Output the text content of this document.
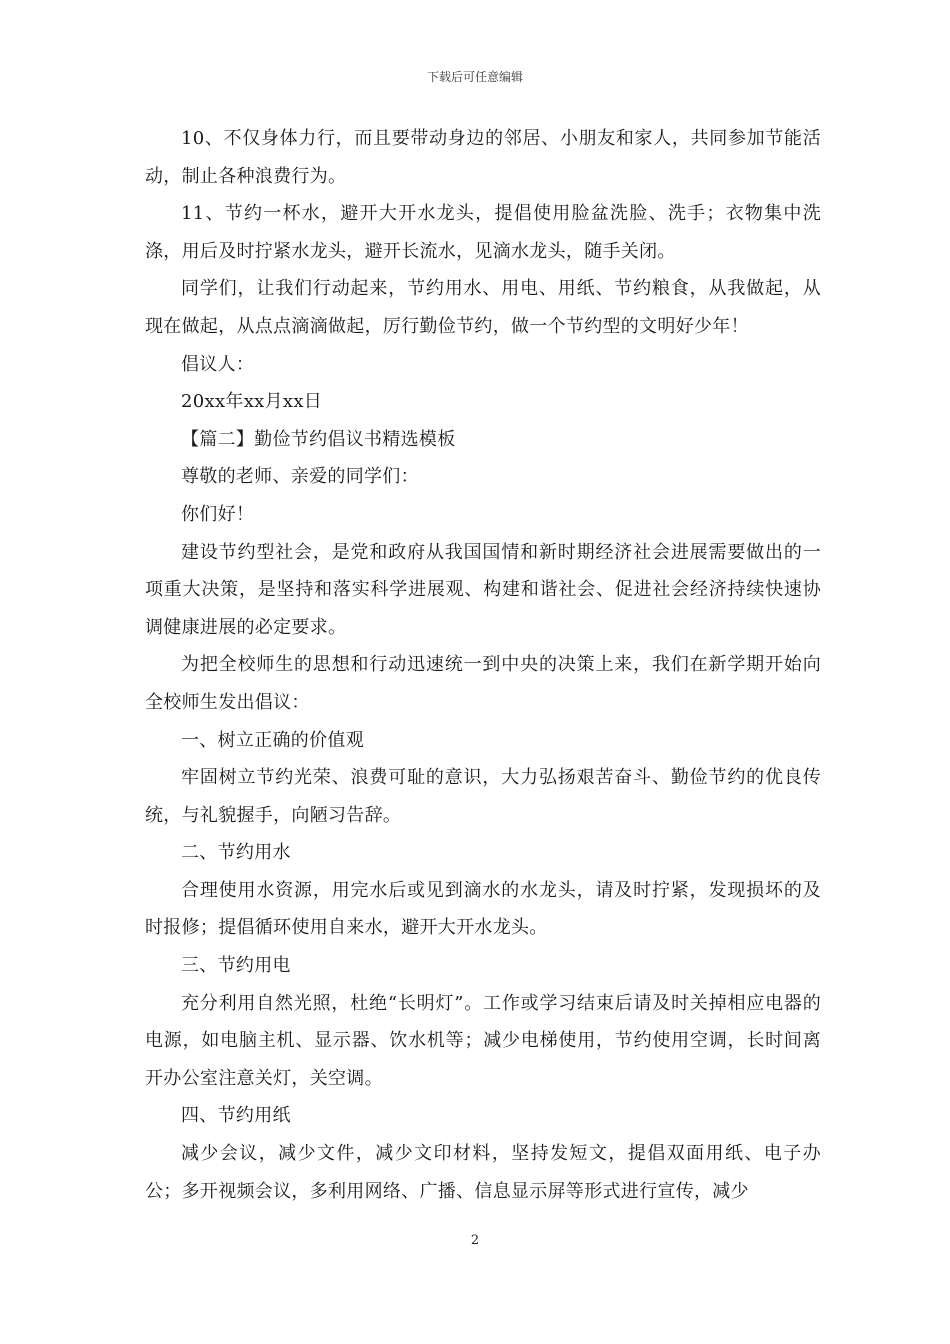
下载后可任意编辑

10、不仅身体力行，而且要带动身边的邻居、小朋友和家人，共同参加节能活动，制止各种浪费行为。

11、节约一杯水，避开大开水龙头，提倡使用脸盆洗脸、洗手；衣物集中洗涤，用后及时拧紧水龙头，避开长流水，见滴水龙头，随手关闭。

同学们，让我们行动起来，节约用水、用电、用纸、节约粮食，从我做起，从现在做起，从点点滴滴做起，厉行勤俭节约，做一个节约型的文明好少年！

倡议人：

20xx年xx月xx日

【篇二】勤俭节约倡议书精选模板

尊敬的老师、亲爱的同学们：

你们好！

建设节约型社会，是党和政府从我国国情和新时期经济社会进展需要做出的一项重大决策，是坚持和落实科学进展观、构建和谐社会、促进社会经济持续快速协调健康进展的必定要求。

为把全校师生的思想和行动迅速统一到中央的决策上来，我们在新学期开始向全校师生发出倡议：

一、树立正确的价值观

牢固树立节约光荣、浪费可耻的意识，大力弘扬艰苦奋斗、勤俭节约的优良传统，与礼貌握手，向陋习告辞。

二、节约用水

合理使用水资源，用完水后或见到滴水的水龙头，请及时拧紧，发现损坏的及时报修；提倡循环使用自来水，避开大开水龙头。

三、节约用电

充分利用自然光照，杜绝“长明灯”。工作或学习结束后请及时关掉相应电器的电源，如电脑主机、显示器、饮水机等；减少电梯使用，节约使用空调，长时间离开办公室注意关灯，关空调。

四、节约用纸

减少会议，减少文件，减少文印材料，坚持发短文，提倡双面用纸、电子办公；多开视频会议，多利用网络、广播、信息显示屏等形式进行宣传，减少

2
